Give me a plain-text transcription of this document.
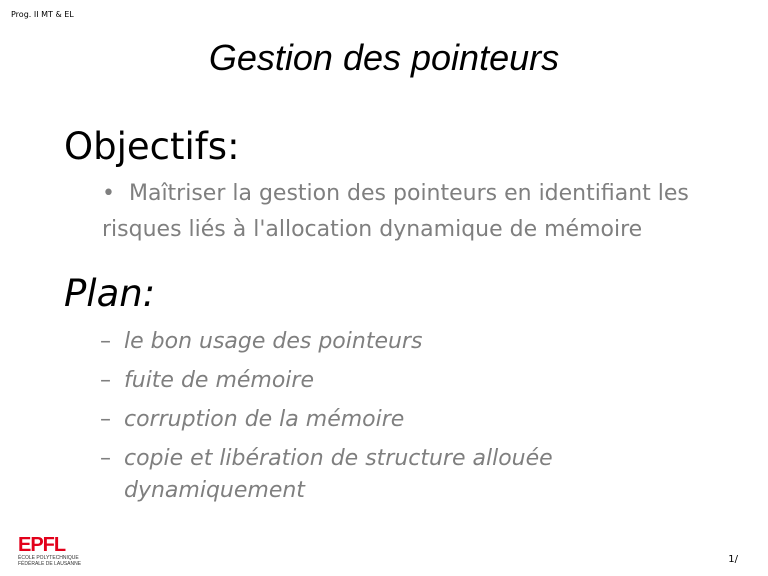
Prog. II MT & EL
Gestion des pointeurs
Objectifs:
• Maîtriser la gestion des pointeurs en identifiant les risques liés à l'allocation dynamique de mémoire
Plan:
– le bon usage des pointeurs
– fuite de mémoire
– corruption de la mémoire
– copie et libération de structure allouée dynamiquement
EPFL
ÉCOLE POLYTECHNIQUE
FÉDÉRALE DE LAUSANNE	1/
